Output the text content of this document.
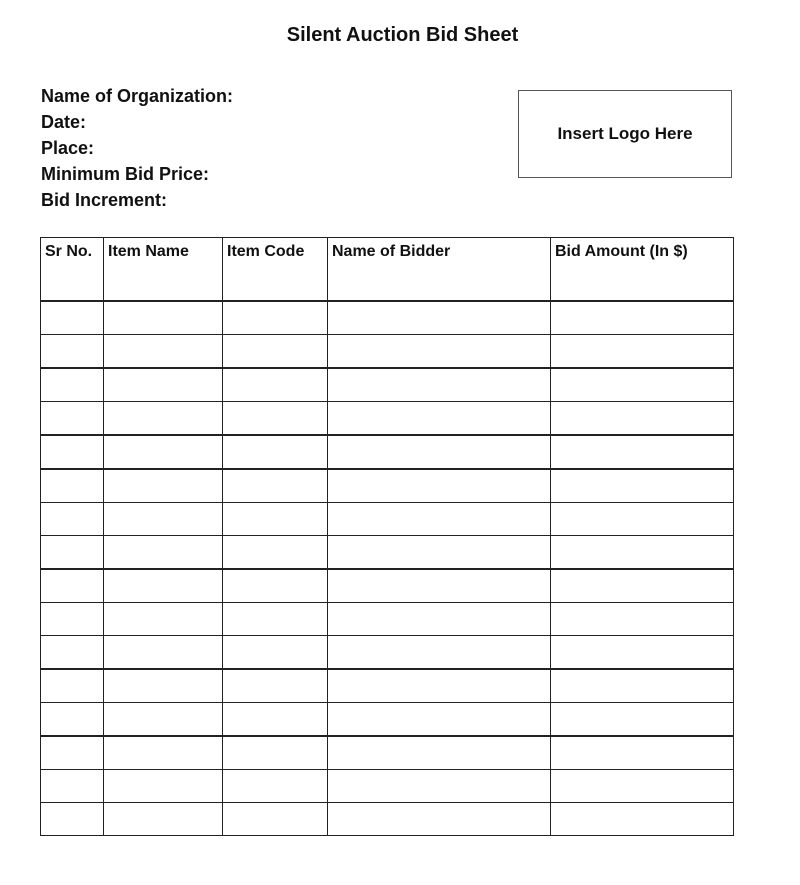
Silent Auction Bid Sheet
Name of Organization:
Date:
Place:
Minimum Bid Price:
Bid Increment:
Insert Logo Here
Sr No.	Item Name	Item Code	Name of Bidder	Bid Amount (In $)
